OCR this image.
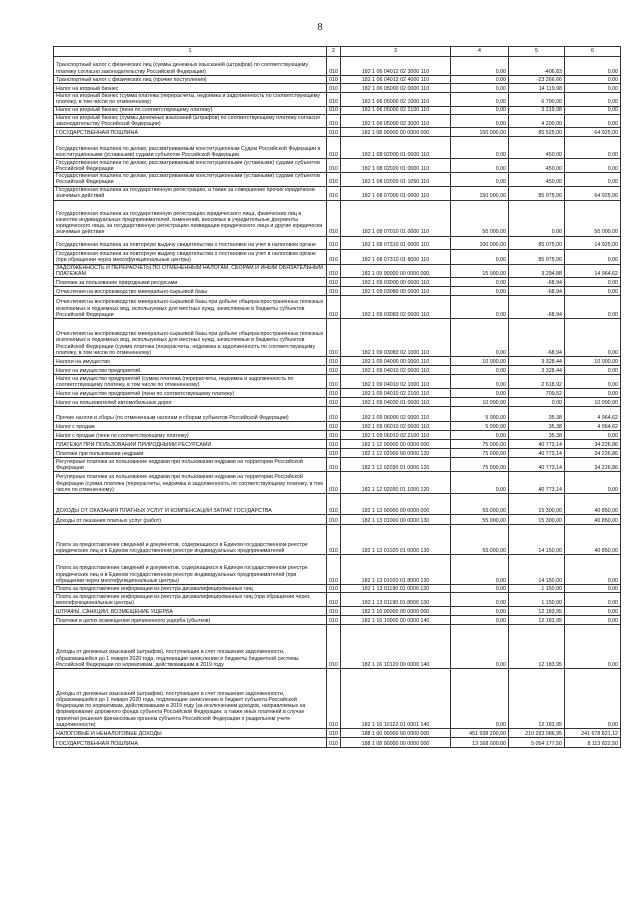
8
1	2	3	4	5	6
Транспортный налог с физических лиц (суммы денежных взысканий (штрафов) по соответствующему платежу согласно законодательству Российской Федерации)	010	182 1 06 04012 02 3000 110	0,00	-406,83	0,00
Транспортный налог с физических лиц (прочие поступления)	010	182 1 06 04012 02 4000 110	0,00	-23 266,66	0,00
Налог на игорный бизнес	010	182 1 06 05000 02 0000 110	0,00	14 119,98	0,00
Налог на игорный бизнес (сумма платежа (перерасчеты, недоимка и задолженность по соответствующему платежу, в том числе по отмененному)	010	182 1 06 05000 02 1000 110	0,00	6 700,00	0,00
Налог на игорный бизнес (пени по соответствующему платежу)	010	182 1 06 05000 02 2100 110	0,00	3 219,98	0,00
Налог на игорный бизнес (суммы денежных взысканий (штрафов) по соответствующему платежу согласно законодательству Российской Федерации)	010	182 1 06 05000 02 3000 110	0,00	4 200,00	0,00
ГОСУДАРСТВЕННАЯ ПОШЛИНА	010	182 1 08 00000 00 0000 000	150 000,00	85 525,00	64 925,00
Государственная пошлина по делам, рассматриваемым конституционным Судом Российской Федерации и конституционными (уставными) судами субъектов Российской Федерации	010	182 1 08 02000 01 0000 110	0,00	450,00	0,00
Государственная пошлина по делам, рассматриваемым конституционными (уставными) судами субъектов Российской Федерации	010	182 1 08 02020 01 0000 110	0,00	450,00	0,00
Государственная пошлина по делам, рассматриваемым конституционными (уставными) судами субъектов Российской Федерации	010	182 1 08 02020 01 1050 110	0,00	450,00	0,00
Государственная пошлина за государственную регистрацию, а также за совершение прочих юридически значимых действий	010	182 1 08 07000 01 0000 110	150 000,00	85 075,00	64 925,00
Государственная пошлина за государственную регистрацию юридического лица, физических лиц в качестве индивидуальных предпринимателей, изменений, вносимых в учредительные документы юридического лица, за государственную регистрацию ликвидации юридического лица и другие юридически значимые действия	010	182 1 08 07010 01 0000 110	50 000,00	0,00	50 000,00
Государственная пошлина за повторную выдачу свидетельства о постановке на учет в налоговом органе	010	182 1 08 07310 01 0000 110	100 000,00	85 075,00	14 925,00
Государственная пошлина за повторную выдачу свидетельства о постановке на учет в налоговом органе (при обращении через многофункциональные центры)	010	182 1 08 07310 01 8000 110	0,00	85 075,00	0,00
ЗАДОЛЖЕННОСТЬ И ПЕРЕРАСЧЕТЫ ПО ОТМЕНЕННЫМ НАЛОГАМ, СБОРАМ И ИНЫМ ОБЯЗАТЕЛЬНЫМ ПЛАТЕЖАМ	010	182 1 09 00000 00 0000 000	15 000,00	3 294,88	14 964,62
Платежи за пользование природными ресурсами	010	182 1 09 03000 00 0000 110	0,00	-68,94	0,00
Отчисления на воспроизводство минерально-сырьевой базы	010	182 1 09 03080 00 0000 110	0,00	-68,94	0,00
Отчисления на воспроизводство минерально-сырьевой базы при добыче общераспространенных полезных ископаемых и подземных вод, используемых для местных нужд, зачисляемые в бюджеты субъектов Российской Федерации	010	182 1 09 03083 02 0000 110	0,00	-68,94	0,00
Отчисления на воспроизводство минерально-сырьевой базы при добыче общераспространенных полезных ископаемых и подземных вод, используемых для местных нужд, зачисляемые в бюджеты субъектов Российской Федерации (сумма платежа (перерасчеты, недоимка и задолженность по соответствующему платежу, в том числе по отмененному)	010	182 1 09 03083 02 1000 110	0,00	-68,94	0,00
Налоги на имущество	010	182 1 09 04000 00 0000 110	10 000,00	3 328,44	10 000,00
Налог на имущество предприятий	010	182 1 09 04010 02 0000 110	0,00	3 328,44	0,00
Налог на имущество предприятий (сумма платежа (перерасчеты, недоимка и задолженность по соответствующему платежу, в том числе по отмененному)	010	182 1 09 04010 02 1000 110	0,00	2 618,92	0,00
Налог на имущество предприятий (пени по соответствующему платежу)	010	182 1 09 04010 02 2100 110	0,00	709,52	0,00
Налог на пользователей автомобильных дорог	010	182 1 09 04030 01 0000 110	10 000,00	0,00	10 000,00
Прочие налоги и сборы (по отмененным налогам и сборам субъектов Российской Федерации)	010	182 1 09 06000 02 0000 110	5 000,00	35,38	4 964,62
Налог с продаж	010	182 1 09 06010 02 0000 110	5 000,00	35,38	4 964,62
Налог с продаж (пени по соответствующему платежу)	010	182 1 09 06010 02 2100 110	0,00	35,38	0,00
ПЛАТЕЖИ ПРИ ПОЛЬЗОВАНИИ ПРИРОДНЫМИ РЕСУРСАМИ	010	182 1 12 00000 00 0000 000	75 000,00	40 773,14	34 226,86
Платежи при пользовании недрами	010	182 1 12 02000 00 0000 120	75 000,00	40 773,14	34 226,86
Регулярные платежи за пользование недрами при пользовании недрами на территории Российской Федерации	010	182 1 12 02030 01 0000 120	75 000,00	40 773,14	34 226,86
Регулярные платежи за пользование недрами при пользовании недрами на территории Российской Федерации (сумма платежа (перерасчеты, недоимка и задолженность по соответствующему платежу, в том числе по отмененному)	010	182 1 12 02030 01 1000 120	0,00	40 773,14	0,00
ДОХОДЫ ОТ ОКАЗАНИЯ ПЛАТНЫХ УСЛУГ И КОМПЕНСАЦИИ ЗАТРАТ ГОСУДАРСТВА	010	182 1 13 00000 00 0000 000	55 000,00	15 300,00	40 850,00
Доходы от оказания платных услуг (работ)	010	182 1 13 01000 00 0000 130	55 000,00	15 300,00	40 850,00
Плата за предоставление сведений и документов, содержащихся в Едином государственном реестре юридических лиц и в Едином государственном реестре индивидуальных предпринимателей	010	182 1 13 01020 01 0000 130	55 000,00	14 150,00	40 850,00
Плата за предоставление сведений и документов, содержащихся в Едином государственном реестре юридических лиц и в Едином государственном реестре индивидуальных предпринимателей (при обращении через многофункциональные центры)	010	182 1 13 01020 01 8000 130	0,00	14 150,00	0,00
Плата за предоставление информации из реестра дисквалифицированных лиц	010	182 1 13 01190 01 0000 130	0,00	1 150,00	0,00
Плата за предоставление информации из реестра дисквалифицированных лиц (при обращении через многофункциональные центры)	010	182 1 13 01190 01 8000 130	0,00	1 150,00	0,00
ШТРАФЫ, САНКЦИИ, ВОЗМЕЩЕНИЕ УЩЕРБА	010	182 1 16 00000 00 0000 000	0,00	12 183,95	0,00
Платежи в целях возмещения причиненного ущерба (убытков)	010	182 1 16 10000 00 0000 140	0,00	12 183,95	0,00
Доходы от денежных взысканий (штрафов), поступающие в счет погашения задолженности, образовавшейся до 1 января 2020 года, подлежащие зачислению в бюджеты бюджетной системы Российской Федерации по нормативам, действовавшим в 2019 году	010	182 1 16 10120 00 0000 140	0,00	12 183,95	0,00
Доходы от денежных взысканий (штрафов), поступающие в счет погашения задолженности, образовавшейся до 1 января 2020 года, подлежащие зачислению в бюджет субъекта Российской Федерации по нормативам, действовавшим в 2019 году (за исключением доходов, направляемых на формирование дорожного фонда субъекта Российской Федерации, а также иных платежей в случае принятия решения финансовым органом субъекта Российской Федерации о раздельном учете задолженности)	010	182 1 16 10122 01 0001 140	0,00	12 183,95	0,00
НАЛОГОВЫЕ И НЕНАЛОГОВЫЕ ДОХОДЫ	010	188 1 00 00000 00 0000 000	451 938 200,00	210 293 086,95	241 678 821,12
ГОСУДАРСТВЕННАЯ ПОШЛИНА	010	188 1 08 00000 00 0000 000	13 168 000,00	5 054 177,50	8 113 822,50
